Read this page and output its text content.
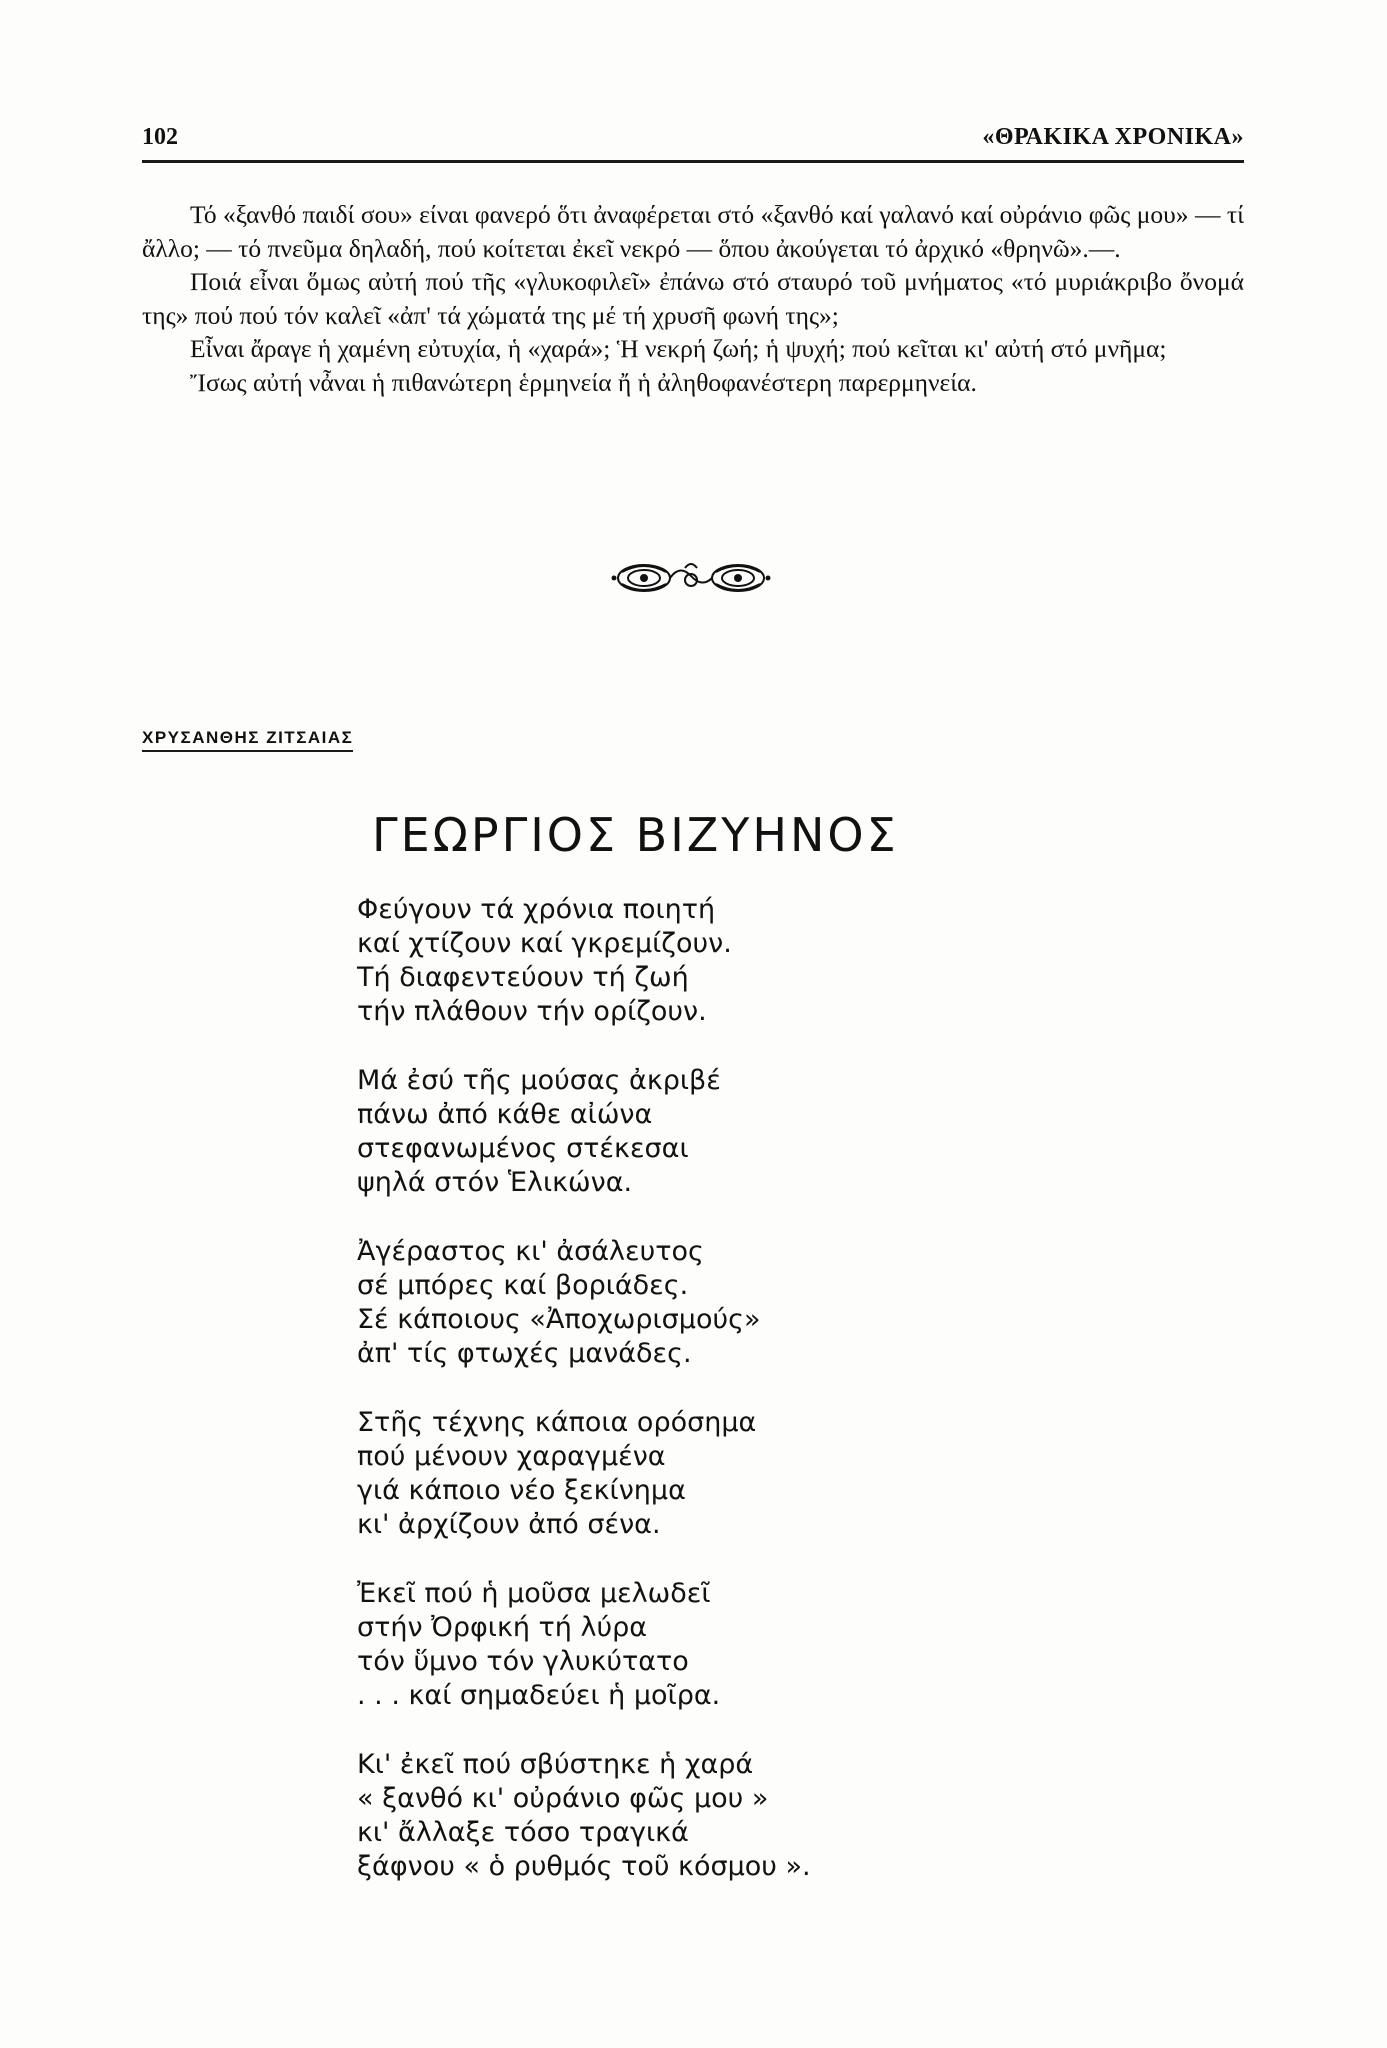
102	«ΘΡΑΚΙΚΑ ΧΡΟΝΙΚΑ»

Τό «ξανθό παιδί σου» είναι φανερό ὅτι ἀναφέρεται στό «ξανθό καί γαλανό καί οὐράνιο φῶς μου» — τί ἄλλο; — τό πνεῦμα δηλαδή, πού κοίτεται ἐκεῖ νεκρό — ὅπου ἀκούγεται τό ἀρχικό «θρηνῶ».—.

Ποιά εἶναι ὅμως αὐτή πού τῆς «γλυκοφιλεῖ» ἐπάνω στό σταυρό τοῦ μνήματος «τό μυριάκριβο ὄνομά της» πού πού τόν καλεῖ «ἀπ' τά χώματά της μέ τή χρυσῆ φωνή της»;

Εἶναι ἄραγε ἡ χαμένη εὐτυχία, ἡ «χαρά»; Ἡ νεκρή ζωή; ἡ ψυχή; πού κεῖται κι' αὐτή στό μνῆμα;

Ἴσως αὐτή νἆναι ἡ πιθανώτερη ἑρμηνεία ἤ ἡ ἀληθοφανέστερη παρερμηνεία.

ΧΡΥΣΑΝΘΗΣ ΖΙΤΣΑΙΑΣ
ΓΕΩΡΓΙΟΣ ΒΙΖΥΗΝΟΣ
Φεύγουν τά χρόνια ποιητή
καί χτίζουν καί γκρεμίζουν.
Τή διαφεντεύουν τή ζωή
τήν πλάθουν τήν ορίζουν.
Μά ἐσύ τῆς μούσας ἀκριβέ
πάνω ἀπό κάθε αἰώνα
στεφανωμένος στέκεσαι
ψηλά στόν Ἑλικώνα.
Ἀγέραστος κι' ἀσάλευτος
σέ μπόρες καί βοριάδες.
Σέ κάποιους «Ἀποχωρισμούς»
ἀπ' τίς φτωχές μανάδες.
Στῆς τέχνης κάποια ορόσημα
πού μένουν χαραγμένα
γιά κάποιο νέο ξεκίνημα
κι' ἀρχίζουν ἀπό σένα.
Ἐκεῖ πού ἡ μοῦσα μελωδεῖ
στήν Ὀρφική τή λύρα
τόν ὕμνο τόν γλυκύτατο
. . . καί σημαδεύει ἡ μοῖρα.
Κι' ἐκεῖ πού σβύστηκε ἡ χαρά
« ξανθό κι' οὐράνιο φῶς μου »
κι' ἄλλαξε τόσο τραγικά
ξάφνου « ὁ ρυθμός τοῦ κόσμου ».
